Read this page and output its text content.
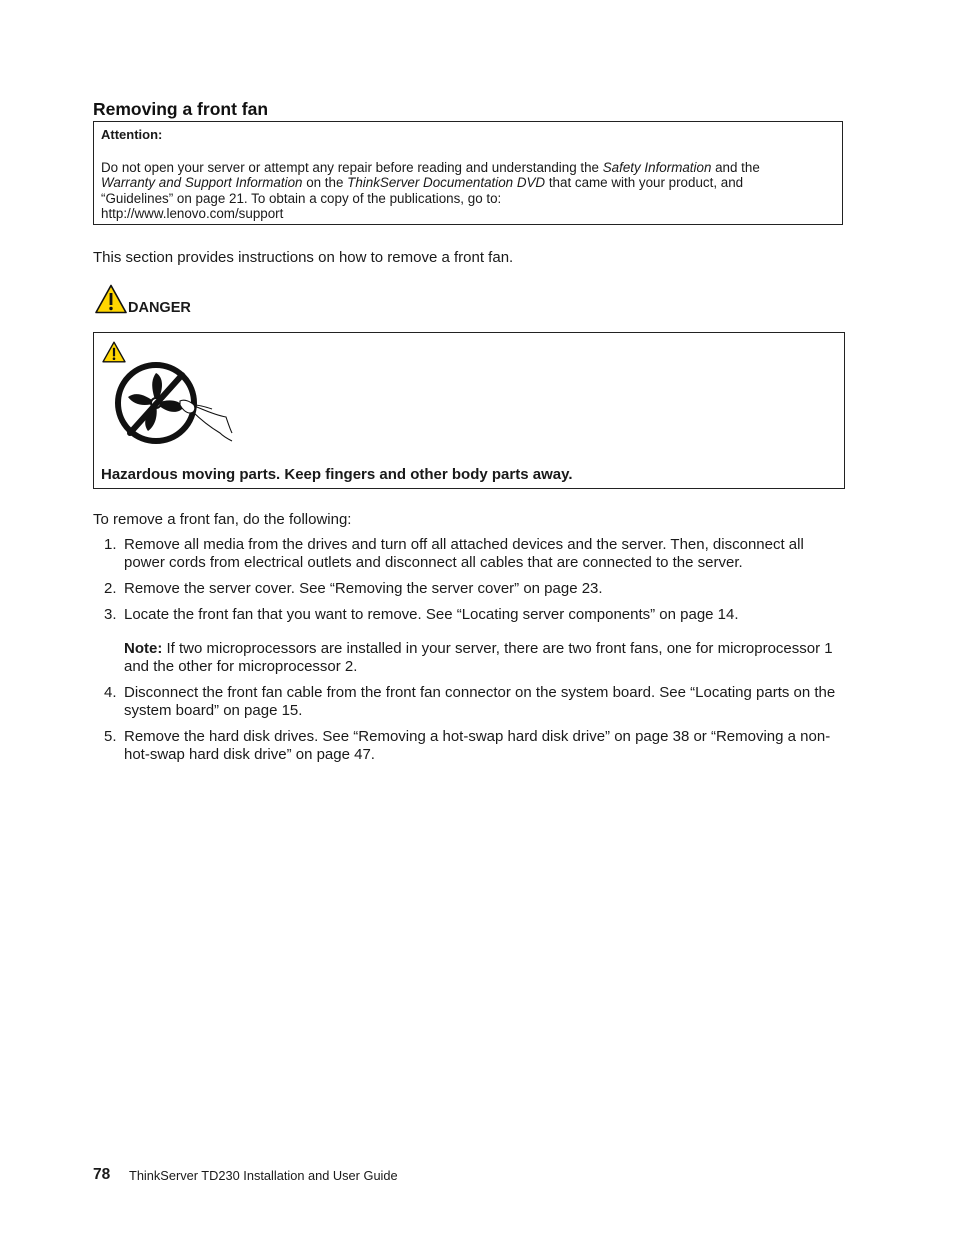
Removing a front fan
Attention:
Do not open your server or attempt any repair before reading and understanding the Safety Information and the
Warranty and Support Information on the ThinkServer Documentation DVD that came with your product, and
“Guidelines” on page 21. To obtain a copy of the publications, go to:
http://www.lenovo.com/support
This section provides instructions on how to remove a front fan.
DANGER
Hazardous moving parts. Keep fingers and other body parts away.
To remove a front fan, do the following:
1. Remove all media from the drives and turn off all attached devices and the server. Then, disconnect all power cords from electrical outlets and disconnect all cables that are connected to the server.
2. Remove the server cover. See “Removing the server cover” on page 23.
3. Locate the front fan that you want to remove. See “Locating server components” on page 14.
Note: If two microprocessors are installed in your server, there are two front fans, one for microprocessor 1 and the other for microprocessor 2.
4. Disconnect the front fan cable from the front fan connector on the system board. See “Locating parts on the system board” on page 15.
5. Remove the hard disk drives. See “Removing a hot-swap hard disk drive” on page 38 or “Removing a non-hot-swap hard disk drive” on page 47.
78 ThinkServer TD230 Installation and User Guide
